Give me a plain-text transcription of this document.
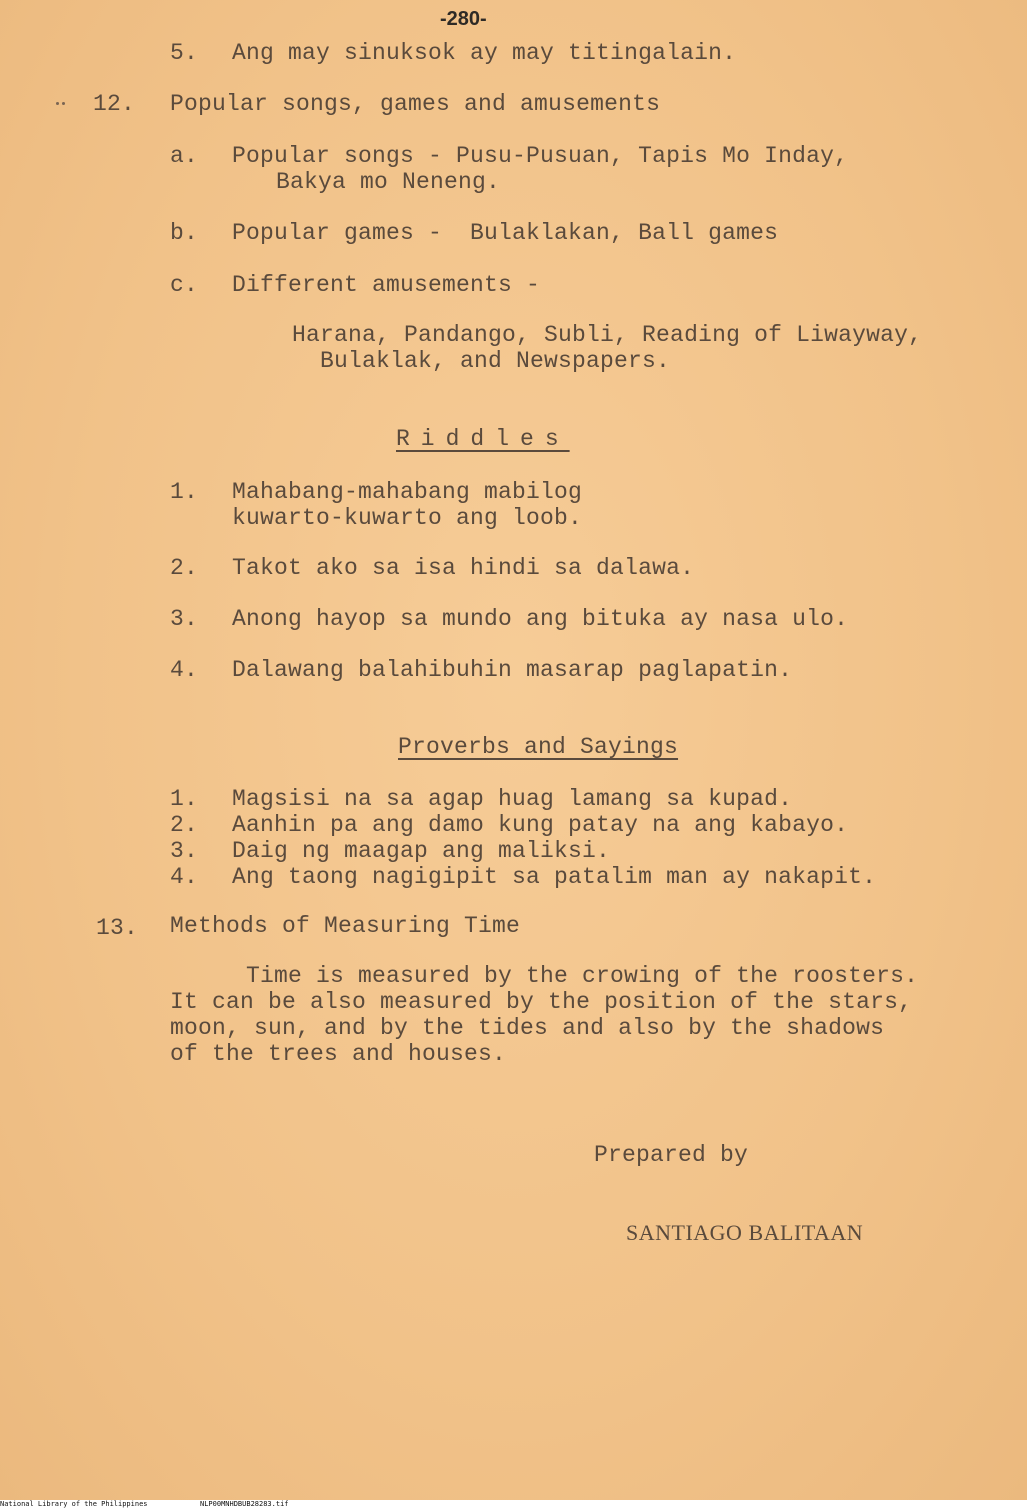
-280-
5. Ang may sinuksok ay may titingalain.
12. Popular songs, games and amusements
a. Popular songs - Pusu-Pusuan, Tapis Mo Inday,
Bakya mo Neneng.
b. Popular games -  Bulaklakan, Ball games
c. Different amusements -
Harana, Pandango, Subli, Reading of Liwayway,
Bulaklak, and Newspapers.
Riddles
1. Mahabang-mahabang mabilog
kuwarto-kuwarto ang loob.
2. Takot ako sa isa hindi sa dalawa.
3. Anong hayop sa mundo ang bituka ay nasa ulo.
4. Dalawang balahibuhin masarap paglapatin.
Proverbs and Sayings
1. Magsisi na sa agap huag lamang sa kupad.
2. Aanhin pa ang damo kung patay na ang kabayo.
3. Daig ng maagap ang maliksi.
4. Ang taong nagigipit sa patalim man ay nakapit.
13. Methods of Measuring Time
Time is measured by the crowing of the roosters.
It can be also measured by the position of the stars,
moon, sun, and by the tides and also by the shadows
of the trees and houses.
Prepared by
SANTIAGO BALITAAN
National Library of the Philippines	NLP00MNHDBUB28283.tif
